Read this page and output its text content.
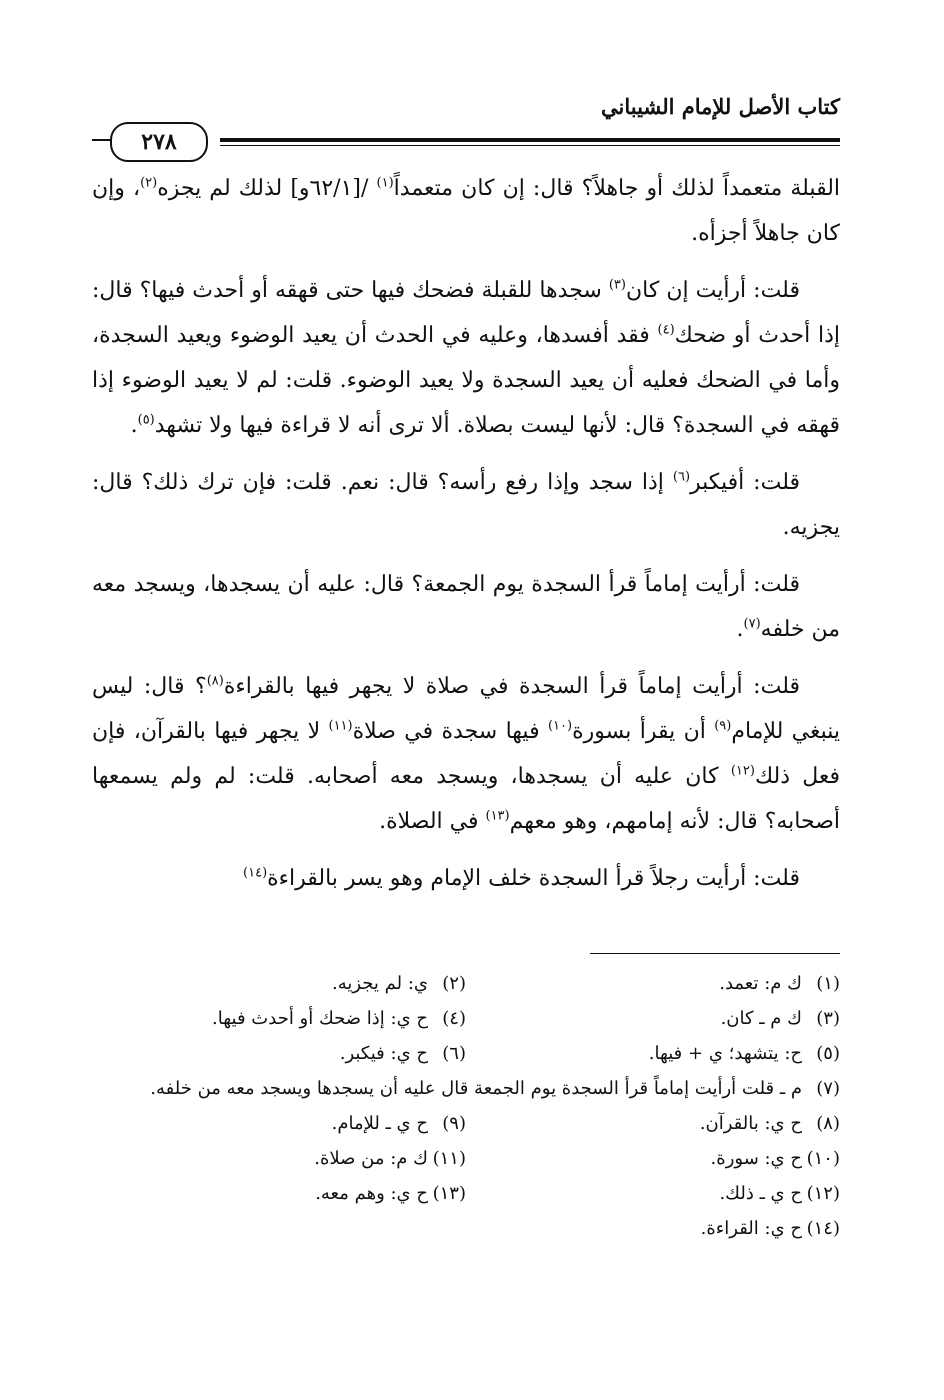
كتاب الأصل للإمام الشيباني
٢٧٨

القبلة متعمداً لذلك أو جاهلاً؟ قال: إن كان متعمداً$^{(١)}$ /[٦٢/١و] لذلك لم يجزه$^{(٢)}$، وإن كان جاهلاً أجزأه.

قلت: أرأيت إن كان$^{(٣)}$ سجدها للقبلة فضحك فيها حتى قهقه أو أحدث فيها؟ قال: إذا أحدث أو ضحك$^{(٤)}$ فقد أفسدها، وعليه في الحدث أن يعيد الوضوء ويعيد السجدة، وأما في الضحك فعليه أن يعيد السجدة ولا يعيد الوضوء. قلت: لم لا يعيد الوضوء إذا قهقه في السجدة؟ قال: لأنها ليست بصلاة. ألا ترى أنه لا قراءة فيها ولا تشهد$^{(٥)}$.

قلت: أفيكبر$^{(٦)}$ إذا سجد وإذا رفع رأسه؟ قال: نعم. قلت: فإن ترك ذلك؟ قال: يجزيه.

قلت: أرأيت إماماً قرأ السجدة يوم الجمعة؟ قال: عليه أن يسجدها، ويسجد معه من خلفه$^{(٧)}$.

قلت: أرأيت إماماً قرأ السجدة في صلاة لا يجهر فيها بالقراءة$^{(٨)}$؟ قال: ليس ينبغي للإمام$^{(٩)}$ أن يقرأ بسورة$^{(١٠)}$ فيها سجدة في صلاة$^{(١١)}$ لا يجهر فيها بالقرآن، فإن فعل ذلك$^{(١٢)}$ كان عليه أن يسجدها، ويسجد معه أصحابه. قلت: لم ولم يسمعها أصحابه؟ قال: لأنه إمامهم، وهو معهم$^{(١٣)}$ في الصلاة.

قلت: أرأيت رجلاً قرأ السجدة خلف الإمام وهو يسر بالقراءة$^{(١٤)}$

(١)ك م: تعمد.
(٢)ي: لم يجزيه.
(٣)ك م ـ كان.
(٤)ح ي: إذا ضحك أو أحدث فيها.
(٥)ح: يتشهد؛ ي + فيها.
(٦)ح ي: فيكبر.
(٧)م ـ قلت أرأيت إماماً قرأ السجدة يوم الجمعة قال عليه أن يسجدها ويسجد معه من خلفه.
(٨)ح ي: بالقرآن.
(٩)ح ي ـ للإمام.
(١٠)ح ي: سورة.
(١١)ك م: من صلاة.
(١٢)ح ي ـ ذلك.
(١٣)ح ي: وهم معه.
(١٤)ح ي: القراءة.
